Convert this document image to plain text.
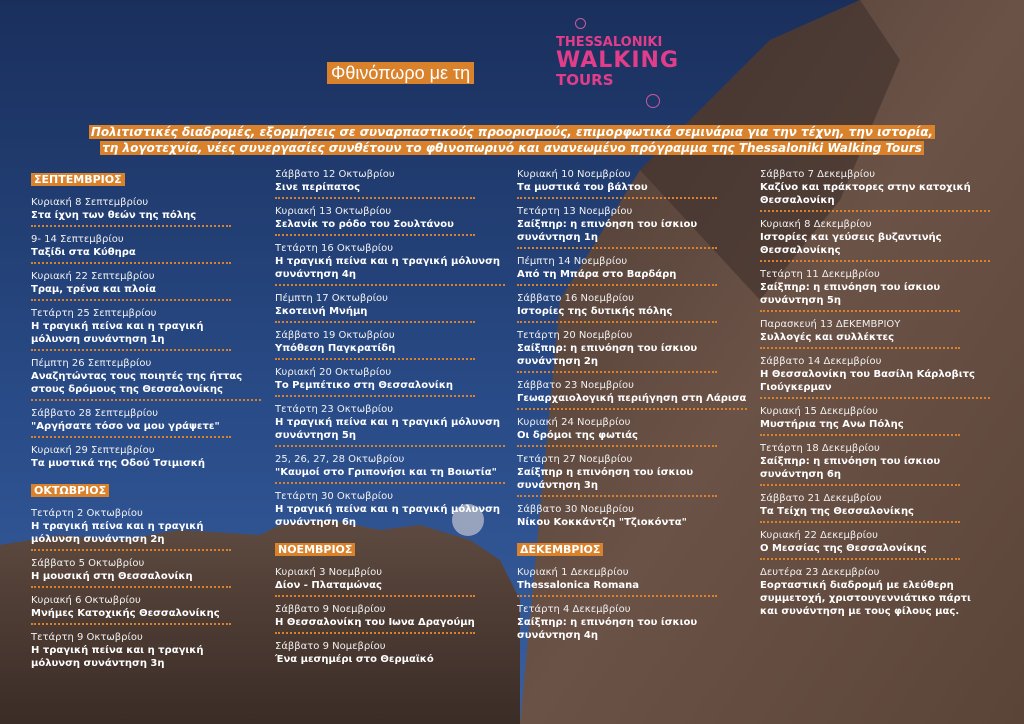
Φθινόπωρο με τη
THESSALONIKI
WALKING
TOURS
Πολιτιστικές διαδρομές, εξορμήσεις σε συναρπαστικούς προορισμούς, επιμορφωτικά σεμινάρια για την τέχνη, την ιστορία,
τη λογοτεχνία, νέες συνεργασίες συνθέτουν το φθινοπωρινό και ανανεωμένο πρόγραμμα της Thessaloniki Walking Tours
ΣΕΠΤΕΜΒΡΙΟΣ
Κυριακή 8 Σεπτεμβρίου
Στα ίχνη των θεών της πόλης
9- 14 Σεπτεμβρίου
Ταξίδι στα Κύθηρα
Κυριακή 22 Σεπτεμβρίου
Τραμ, τρένα και πλοία
Τετάρτη 25 Σεπτεμβρίου
Η τραγική πείνα και η τραγική μόλυνση συνάντηση 1η
Πέμπτη 26 Σεπτεμβρίου
Αναζητώντας τους ποιητές της ήττας στους δρόμους της Θεσσαλονίκης
Σάββατο 28 Σεπτεμβρίου
"Αργήσατε τόσο να μου γράψετε"
Κυριακή 29 Σεπτεμβρίου
Τα μυστικά της Οδού Τσιμισκή
ΟΚΤΩΒΡΙΟΣ
Τετάρτη 2 Οκτωβρίου
Η τραγική πείνα και η τραγική μόλυνση συνάντηση 2η
Σάββατο 5 Οκτωβρίου
Η μουσική στη Θεσσαλονίκη
Κυριακή 6 Οκτωβρίου
Μνήμες Κατοχικής Θεσσαλονίκης
Τετάρτη 9 Οκτωβρίου
Η τραγική πείνα και η τραγική μόλυνση συνάντηση 3η
Σάββατο 12 Οκτωβρίου
Σινε περίπατος
Κυριακή 13 Οκτωβρίου
Σελανίκ το ρόδο του Σουλτάνου
Τετάρτη 16 Οκτωβρίου
Η τραγική πείνα και η τραγική μόλυνση συνάντηση 4η
Πέμπτη 17 Οκτωβρίου
Σκοτεινή Μνήμη
Σάββατο 19 Οκτωβρίου
Υπόθεση Παγκρατίδη
Κυριακή 20 Οκτωβρίου
Το Ρεμπέτικο στη Θεσσαλονίκη
Τετάρτη 23 Οκτωβρίου
Η τραγική πείνα και η τραγική μόλυνση συνάντηση 5η
25, 26, 27, 28 Οκτωβρίου
"Καυμοί στο Γριπονήσι και τη Βοιωτία"
Τετάρτη 30 Οκτωβρίου
Η τραγική πείνα και η τραγική μόλυνση συνάντηση 6η
ΝΟΕΜΒΡΙΟΣ
Κυριακή 3 Νοεμβρίου
Δίον - Πλαταμώνας
Σάββατο 9 Νοεμβρίου
Η Θεσσαλονίκη του Ιωνα Δραγούμη
Σάββατο 9 Νομεβρίου
Ένα μεσημέρι στο Θερμαϊκό
Κυριακή 10 Νοεμβρίου
Τα μυστικά του βάλτου
Τετάρτη 13 Νοεμβρίου
Σαίξπηρ: η επινόηση του ίσκιου συνάντηση 1η
Πέμπτη 14 Νοεμβρίου
Από τη Μπάρα στο Βαρδάρη
Σάββατο 16 Νοεμβρίου
Ιστορίες της δυτικής πόλης
Τετάρτη 20 Νοεμβρίου
Σαίξπηρ: η επινόηση του ίσκιου συνάντηση 2η
Σάββατο 23 Νοεμβρίου
Γεωαρχαιολογική περιήγηση στη Λάρισα
Κυριακή 24 Νοεμβρίου
Οι δρόμοι της φωτιάς
Τετάρτη 27 Νοεμβρίου
Σαίξπηρ η επινόηση του ίσκιου συνάντηση 3η
Σάββατο 30 Νοεμβρίου
Νίκου Κοκκάντζη "Τζιοκόντα"
ΔΕΚΕΜΒΡΙΟΣ
Κυριακή 1 Δεκεμβρίου
Thessalonica Romana
Τετάρτη 4 Δεκεμβρίου
Σαίξπηρ: η επινόηση του ίσκιου συνάντηση 4η
Σάββατο 7 Δεκεμβρίου
Καζίνο και πράκτορες στην κατοχική Θεσσαλονίκη
Κυριακή 8 Δεκεμβρίου
Ιστορίες και γεύσεις βυζαντινής Θεσσαλονίκης
Τετάρτη 11 Δεκεμβρίου
Σαίξπηρ: η επινόηση του ίσκιου συνάντηση 5η
Παρασκευή 13 ΔΕΚΕΜΒΡΙΟΥ
Συλλογές και συλλέκτες
Σάββατο 14 Δεκεμβρίου
Η Θεσσαλονίκη του Βασίλη Κάρλοβιτς Γιούγκερμαν
Κυριακή 15 Δεκεμβρίου
Μυστήρια της Ανω Πόλης
Τετάρτη 18 Δεκεμβρίου
Σαίξπηρ: η επινόηση του ίσκιου συνάντηση 6η
Σάββατο 21 Δεκεμβρίου
Τα Τείχη της Θεσσαλονίκης
Κυριακή 22 Δεκεμβρίου
Ο Μεσσίας της Θεσσαλονίκης
Δευτέρα 23 Δεκεμβρίου
Εορταστική διαδρομή με ελεύθερη συμμετοχή, χριστουγεννιάτικο πάρτι και συνάντηση με τους φίλους μας.
